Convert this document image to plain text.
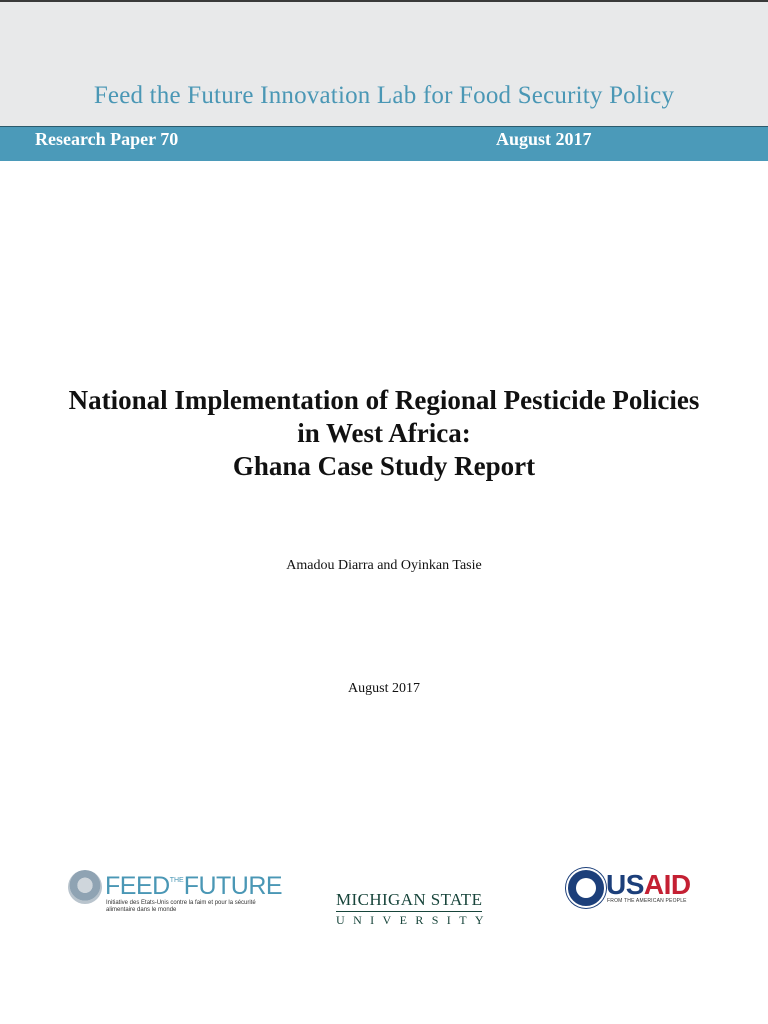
Feed the Future Innovation Lab for Food Security Policy
Research Paper 70	August 2017
National Implementation of Regional Pesticide Policies
in West Africa:
Ghana Case Study Report
Amadou Diarra and Oyinkan Tasie
August 2017
$FEED^{THE}FUTURE$
Initiative des Etats-Unis contre la faim et pour la sécurité alimentaire dans le monde
MICHIGAN STATE
UNIVERSITY
USAID
FROM THE AMERICAN PEOPLE
